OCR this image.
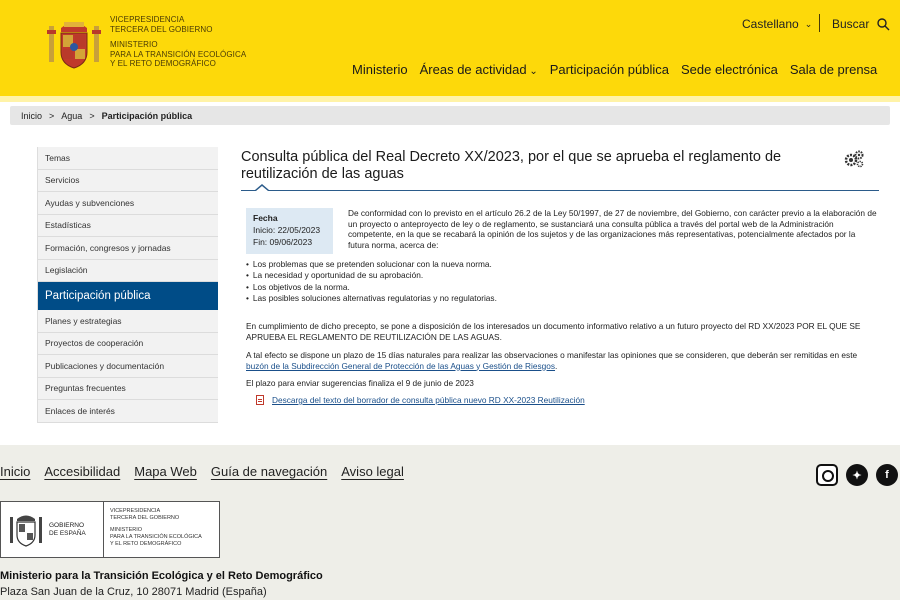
VICEPRESIDENCIA
TERCERA DEL GOBIERNO
MINISTERIO
PARA LA TRANSICIÓN ECOLÓGICA
Y EL RETO DEMOGRÁFICO
Castellano ⌄ Buscar
Ministerio Áreas de actividad ⌄	Participación pública Sede electrónica Sala de prensa
Inicio > Agua > Participación pública
Temas
Servicios
Ayudas y subvenciones
Estadísticas
Formación, congresos y jornadas
Legislación
Participación pública
Planes y estrategias
Proyectos de cooperación
Publicaciones y documentación
Preguntas frecuentes
Enlaces de interés
Consulta pública del Real Decreto XX/2023, por el que se aprueba el reglamento de reutilización de las aguas
Fecha
Inicio: 22/05/2023
Fin: 09/06/2023

De conformidad con lo previsto en el artículo 26.2 de la Ley 50/1997, de 27 de noviembre, del Gobierno, con carácter previo a la elaboración de un proyecto o anteproyecto de ley o de reglamento, se sustanciará una consulta pública a través del portal web de la Administración competente, en la que se recabará la opinión de los sujetos y de las organizaciones más representativas, potencialmente afectados por la futura norma, acerca de:

• Los problemas que se pretenden solucionar con la nueva norma.
• La necesidad y oportunidad de su aprobación.
• Los objetivos de la norma.
• Las posibles soluciones alternativas regulatorias y no regulatorias.

En cumplimiento de dicho precepto, se pone a disposición de los interesados un documento informativo relativo a un futuro proyecto del RD XX/2023 POR EL QUE SE APRUEBA EL REGLAMENTO DE REUTILIZACIÓN DE LAS AGUAS.

A tal efecto se dispone un plazo de 15 días naturales para realizar las observaciones o manifestar las opiniones que se consideren, que deberán ser remitidas en este buzón de la Subdirección General de Protección de las Aguas y Gestión de Riesgos.

El plazo para enviar sugerencias finaliza el 9 de junio de 2023

Descarga del texto del borrador de consulta pública nuevo RD XX-2023 Reutilización
Inicio Accesibilidad Mapa Web Guía de navegación Aviso legal	✦	f
GOBIERNO
DE ESPAÑA
VICEPRESIDENCIA
TERCERA DEL GOBIERNO
MINISTERIO
PARA LA TRANSICIÓN ECOLÓGICA
Y EL RETO DEMOGRÁFICO
Ministerio para la Transición Ecológica y el Reto Demográfico
Plaza San Juan de la Cruz, 10 28071 Madrid (España)
